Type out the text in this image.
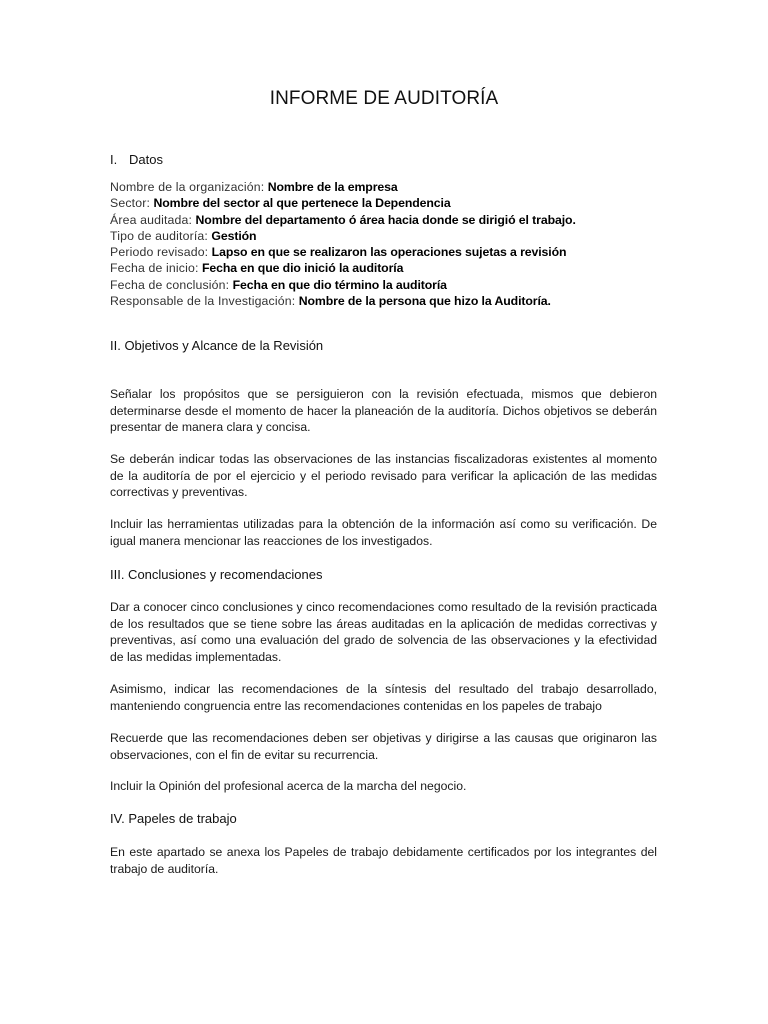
INFORME DE AUDITORÍA
I. Datos
Nombre de la organización: Nombre de la empresa
Sector: Nombre del sector al que pertenece la Dependencia
Área auditada: Nombre del departamento ó área hacia donde se dirigió el trabajo.
Tipo de auditoría: Gestión
Periodo revisado: Lapso en que se realizaron las operaciones sujetas a revisión
Fecha de inicio: Fecha en que dio inició la auditoría
Fecha de conclusión: Fecha en que dio término la auditoría
Responsable de la Investigación: Nombre de la persona que hizo la Auditoría.
II. Objetivos y Alcance de la Revisión
Señalar los propósitos que se persiguieron con la revisión efectuada, mismos que debieron determinarse desde el momento de hacer la planeación de la auditoría. Dichos objetivos se deberán presentar de manera clara y concisa.
Se deberán indicar todas las observaciones de las instancias fiscalizadoras existentes al momento de la auditoría de por el ejercicio y el periodo revisado para verificar la aplicación de las medidas correctivas y preventivas.
Incluir las herramientas utilizadas para la obtención de la información así como su verificación. De igual manera mencionar las reacciones de los investigados.
III. Conclusiones y recomendaciones
Dar a conocer cinco conclusiones y cinco recomendaciones como resultado de la revisión practicada de los resultados que se tiene sobre las áreas auditadas en la aplicación de medidas correctivas y preventivas, así como una evaluación del grado de solvencia de las observaciones y la efectividad de las medidas implementadas.
Asimismo, indicar las recomendaciones de la síntesis del resultado del trabajo desarrollado, manteniendo congruencia entre las recomendaciones contenidas en los papeles de trabajo
Recuerde que las recomendaciones deben ser objetivas y dirigirse a las causas que originaron las observaciones, con el fin de evitar su recurrencia.
Incluir la Opinión del profesional acerca de la marcha del negocio.
IV. Papeles de trabajo
En este apartado se anexa los Papeles de trabajo debidamente certificados por los integrantes del trabajo de auditoría.
